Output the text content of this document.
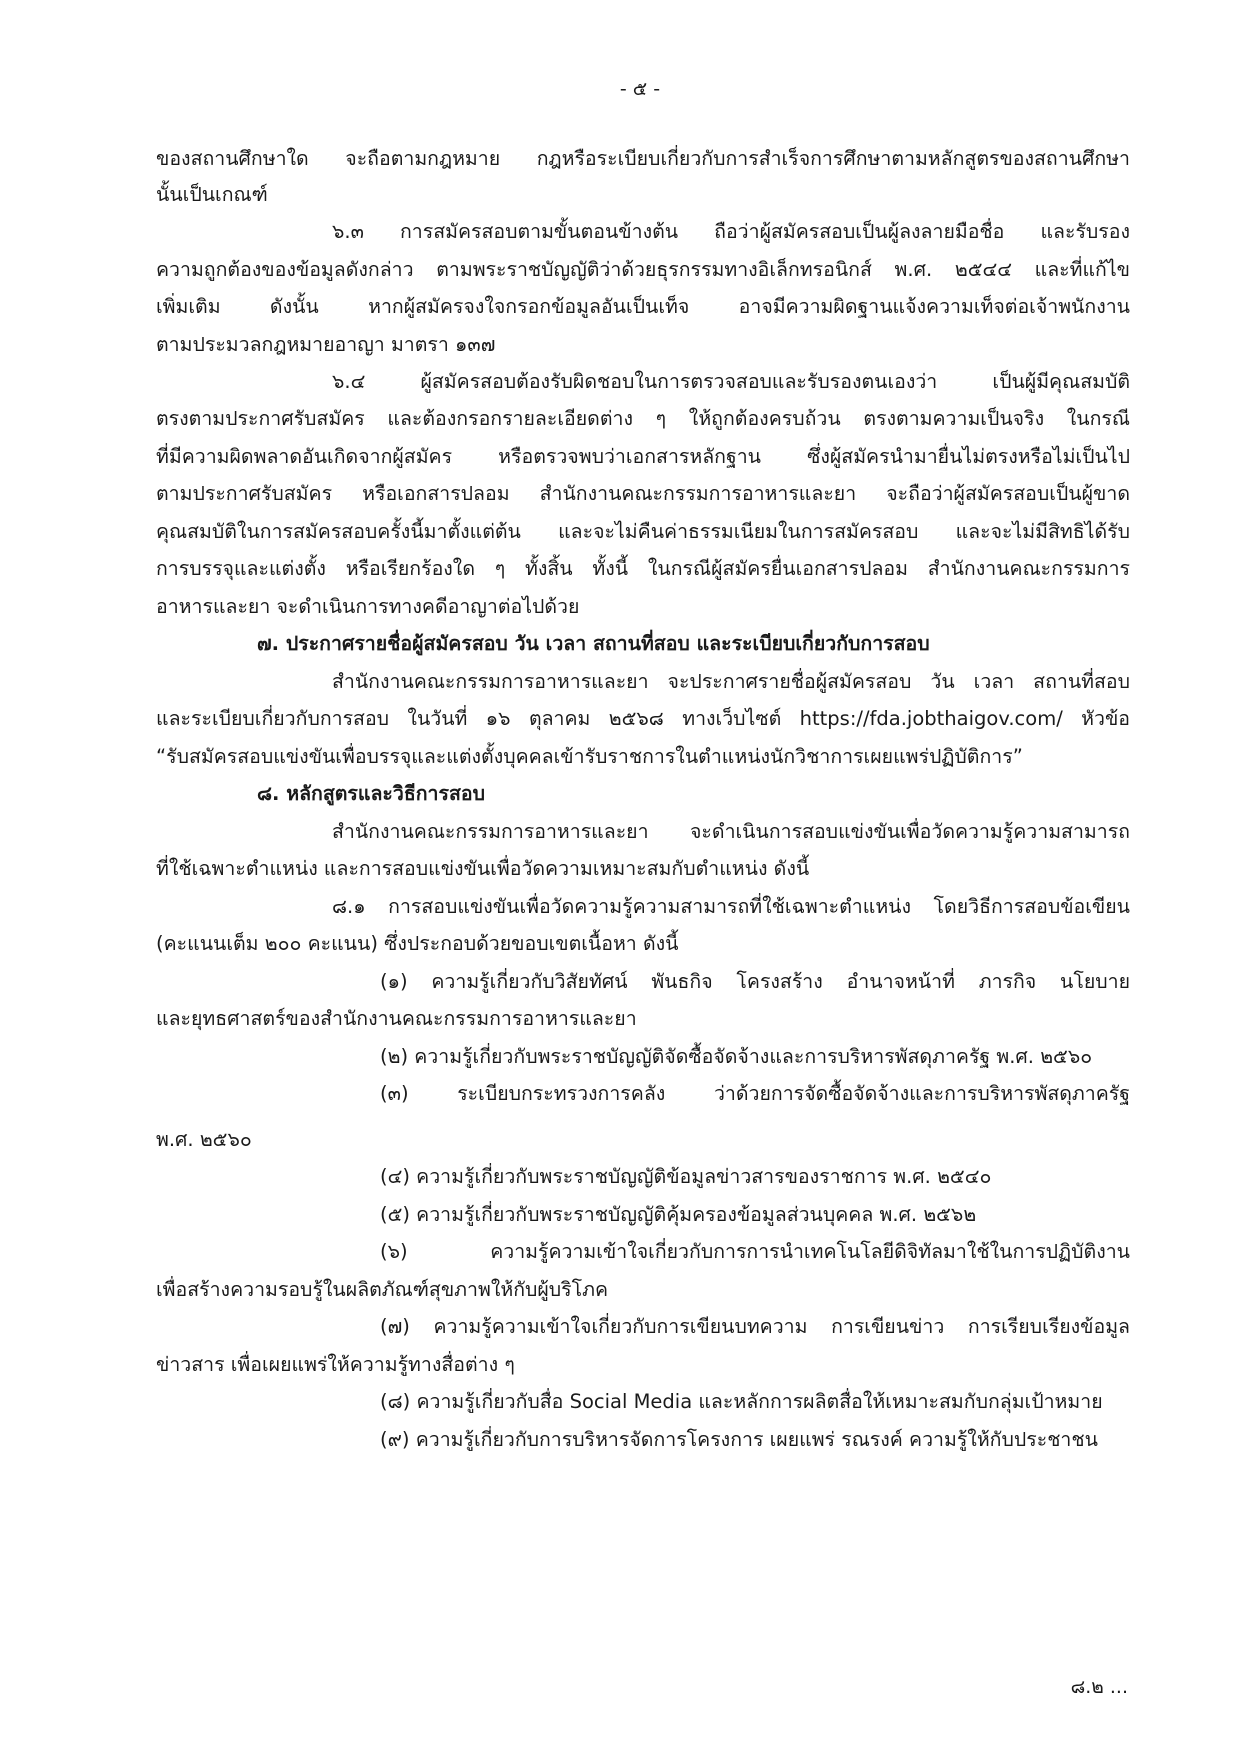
- ๕ -
ของสถานศึกษาใด จะถือตามกฎหมาย กฎหรือระเบียบเกี่ยวกับการสำเร็จการศึกษาตามหลักสูตรของสถานศึกษา
นั้นเป็นเกณฑ์
๖.๓ การสมัครสอบตามขั้นตอนข้างต้น ถือว่าผู้สมัครสอบเป็นผู้ลงลายมือชื่อ และรับรอง
ความถูกต้องของข้อมูลดังกล่าว ตามพระราชบัญญัติว่าด้วยธุรกรรมทางอิเล็กทรอนิกส์ พ.ศ. ๒๕๔๔ และที่แก้ไข
เพิ่มเติม ดังนั้น หากผู้สมัครจงใจกรอกข้อมูลอันเป็นเท็จ อาจมีความผิดฐานแจ้งความเท็จต่อเจ้าพนักงาน
ตามประมวลกฎหมายอาญา มาตรา ๑๓๗
๖.๔ ผู้สมัครสอบต้องรับผิดชอบในการตรวจสอบและรับรองตนเองว่า เป็นผู้มีคุณสมบัติ
ตรงตามประกาศรับสมัคร และต้องกรอกรายละเอียดต่าง ๆ ให้ถูกต้องครบถ้วน ตรงตามความเป็นจริง ในกรณี
ที่มีความผิดพลาดอันเกิดจากผู้สมัคร หรือตรวจพบว่าเอกสารหลักฐาน ซึ่งผู้สมัครนำมายื่นไม่ตรงหรือไม่เป็นไป
ตามประกาศรับสมัคร หรือเอกสารปลอม สำนักงานคณะกรรมการอาหารและยา จะถือว่าผู้สมัครสอบเป็นผู้ขาด
คุณสมบัติในการสมัครสอบครั้งนี้มาตั้งแต่ต้น และจะไม่คืนค่าธรรมเนียมในการสมัครสอบ และจะไม่มีสิทธิได้รับ
การบรรจุและแต่งตั้ง หรือเรียกร้องใด ๆ ทั้งสิ้น ทั้งนี้ ในกรณีผู้สมัครยื่นเอกสารปลอม สำนักงานคณะกรรมการ
อาหารและยา จะดำเนินการทางคดีอาญาต่อไปด้วย
๗. ประกาศรายชื่อผู้สมัครสอบ วัน เวลา สถานที่สอบ และระเบียบเกี่ยวกับการสอบ
สำนักงานคณะกรรมการอาหารและยา จะประกาศรายชื่อผู้สมัครสอบ วัน เวลา สถานที่สอบ
และระเบียบเกี่ยวกับการสอบ ในวันที่ ๑๖ ตุลาคม ๒๕๖๘ ทางเว็บไซต์ https://fda.jobthaigov.com/ หัวข้อ
“รับสมัครสอบแข่งขันเพื่อบรรจุและแต่งตั้งบุคคลเข้ารับราชการในตำแหน่งนักวิชาการเผยแพร่ปฏิบัติการ”
๘. หลักสูตรและวิธีการสอบ
สำนักงานคณะกรรมการอาหารและยา จะดำเนินการสอบแข่งขันเพื่อวัดความรู้ความสามารถ
ที่ใช้เฉพาะตำแหน่ง และการสอบแข่งขันเพื่อวัดความเหมาะสมกับตำแหน่ง ดังนี้
๘.๑ การสอบแข่งขันเพื่อวัดความรู้ความสามารถที่ใช้เฉพาะตำแหน่ง โดยวิธีการสอบข้อเขียน
(คะแนนเต็ม ๒๐๐ คะแนน) ซึ่งประกอบด้วยขอบเขตเนื้อหา ดังนี้
(๑) ความรู้เกี่ยวกับวิสัยทัศน์ พันธกิจ โครงสร้าง อำนาจหน้าที่ ภารกิจ นโยบาย
และยุทธศาสตร์ของสำนักงานคณะกรรมการอาหารและยา
(๒) ความรู้เกี่ยวกับพระราชบัญญัติจัดซื้อจัดจ้างและการบริหารพัสดุภาครัฐ พ.ศ. ๒๕๖๐
(๓) ระเบียบกระทรวงการคลัง ว่าด้วยการจัดซื้อจัดจ้างและการบริหารพัสดุภาครัฐ
พ.ศ. ๒๕๖๐
(๔) ความรู้เกี่ยวกับพระราชบัญญัติข้อมูลข่าวสารของราชการ พ.ศ. ๒๕๔๐
(๕) ความรู้เกี่ยวกับพระราชบัญญัติคุ้มครองข้อมูลส่วนบุคคล พ.ศ. ๒๕๖๒
(๖) ความรู้ความเข้าใจเกี่ยวกับการการนำเทคโนโลยีดิจิทัลมาใช้ในการปฏิบัติงาน
เพื่อสร้างความรอบรู้ในผลิตภัณฑ์สุขภาพให้กับผู้บริโภค
(๗) ความรู้ความเข้าใจเกี่ยวกับการเขียนบทความ การเขียนข่าว การเรียบเรียงข้อมูล
ข่าวสาร เพื่อเผยแพร่ให้ความรู้ทางสื่อต่าง ๆ
(๘) ความรู้เกี่ยวกับสื่อ Social Media และหลักการผลิตสื่อให้เหมาะสมกับกลุ่มเป้าหมาย
(๙) ความรู้เกี่ยวกับการบริหารจัดการโครงการ เผยแพร่ รณรงค์ ความรู้ให้กับประชาชน
๘.๒ ...
